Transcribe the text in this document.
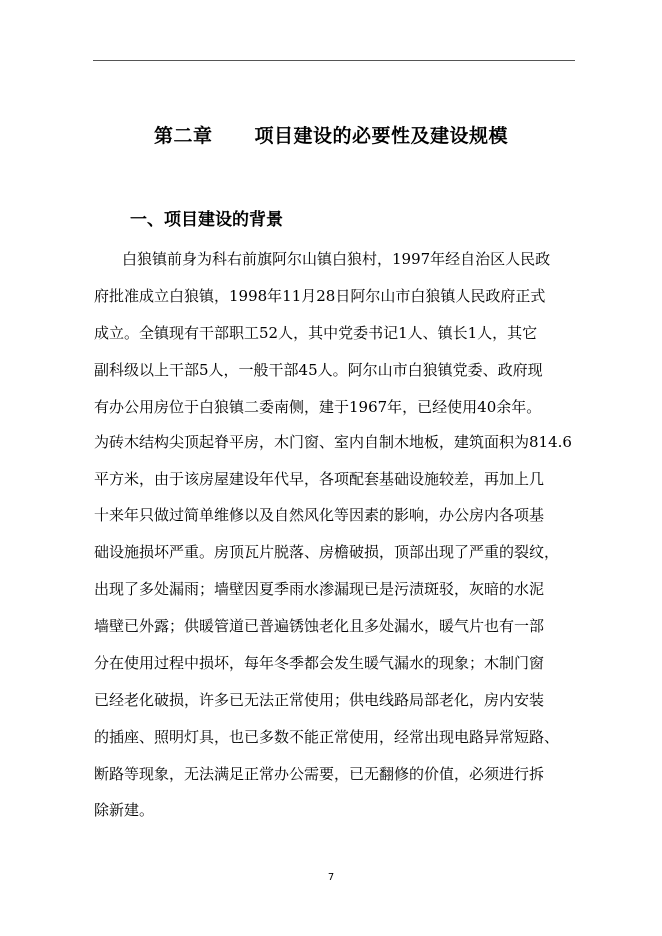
第二章 项目建设的必要性及建设规模
一、项目建设的背景
白狼镇前身为科右前旗阿尔山镇白狼村，1997年经自治区人民政
府批准成立白狼镇，1998年11月28日阿尔山市白狼镇人民政府正式
成立。全镇现有干部职工52人，其中党委书记1人、镇长1人，其它
副科级以上干部5人，一般干部45人。阿尔山市白狼镇党委、政府现
有办公用房位于白狼镇二委南侧，建于1967年，已经使用40余年。
为砖木结构尖顶起脊平房，木门窗、室内自制木地板，建筑面积为814.6
平方米，由于该房屋建设年代早，各项配套基础设施较差，再加上几
十来年只做过简单维修以及自然风化等因素的影响，办公房内各项基
础设施损坏严重。房顶瓦片脱落、房檐破损，顶部出现了严重的裂纹，
出现了多处漏雨；墙壁因夏季雨水渗漏现已是污渍斑驳，灰暗的水泥
墙壁已外露；供暖管道已普遍锈蚀老化且多处漏水，暖气片也有一部
分在使用过程中损坏，每年冬季都会发生暖气漏水的现象；木制门窗
已经老化破损，许多已无法正常使用；供电线路局部老化，房内安装
的插座、照明灯具，也已多数不能正常使用，经常出现电路异常短路、
断路等现象，无法满足正常办公需要，已无翻修的价值，必须进行拆
除新建。
7
